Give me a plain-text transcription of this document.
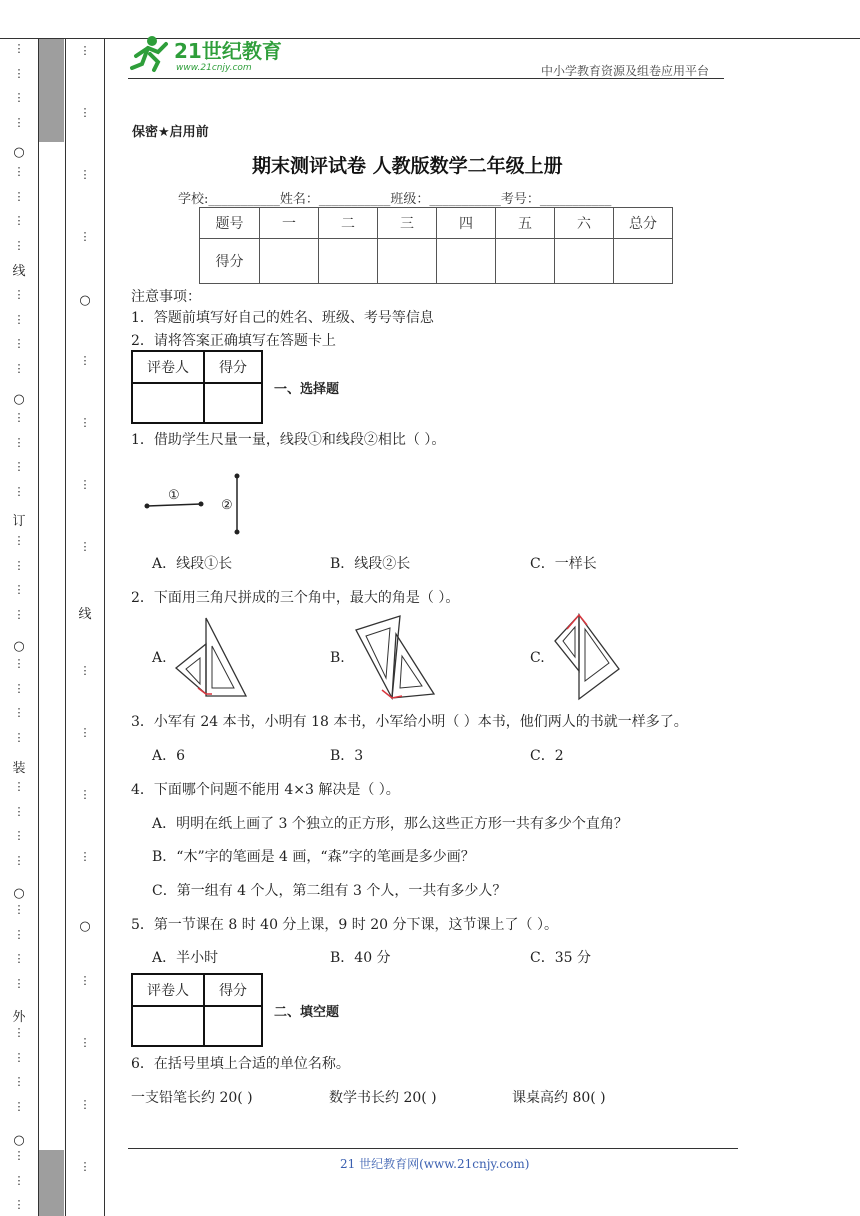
线
订
装
外
○
○
○
○
○
○
线
○
⋮
⋮
⋮
⋮
⋮
⋮
⋮
⋮
⋮
⋮
⋮
⋮
⋮
⋮
⋮
⋮
⋮
⋮
⋮
⋮
⋮
⋮
⋮
⋮
⋮
⋮
⋮
⋮
⋮
⋮
⋮
⋮
⋮
⋮
⋮
⋮
⋮
⋮
⋮
⋮
⋮
⋮
⋮
⋮
⋮
⋮
⋮
⋮
⋮
⋮
⋮
⋮
⋮
⋮
⋮
21世纪教育
www.21cnjy.com	中小学教育资源及组卷应用平台
保密★启用前
期末测评试卷 人教版数学二年级上册
学校:___________姓名：___________班级：___________考号：___________
题号	一	二	三	四	五	六	总分
得分							
注意事项：
1．答题前填写好自己的姓名、班级、考号等信息
2．请将答案正确填写在答题卡上
评卷人	得分

一、选择题
1．借助学生尺量一量，线段①和线段②相比（ ）。
①
②
A．线段①长	B．线段②长	C．一样长
2．下面用三角尺拼成的三个角中，最大的角是（ ）。
A.	B.	C.
3．小军有 24 本书，小明有 18 本书，小军给小明（ ）本书，他们两人的书就一样多了。
A．6	B．3	C．2
4．下面哪个问题不能用 4×3 解决是（ ）。
A．明明在纸上画了 3 个独立的正方形，那么这些正方形一共有多少个直角？
B．“木”字的笔画是 4 画，“森”字的笔画是多少画？
C．第一组有 4 个人，第二组有 3 个人，一共有多少人？
5．第一节课在 8 时 40 分上课，9 时 20 分下课，这节课上了（ ）。
A．半小时	B．40 分	C．35 分
评卷人	得分

二、填空题
6．在括号里填上合适的单位名称。
一支铅笔长约 20( )	数学书长约 20( )	课桌高约 80( )
21 世纪教育网(www.21cnjy.com)
